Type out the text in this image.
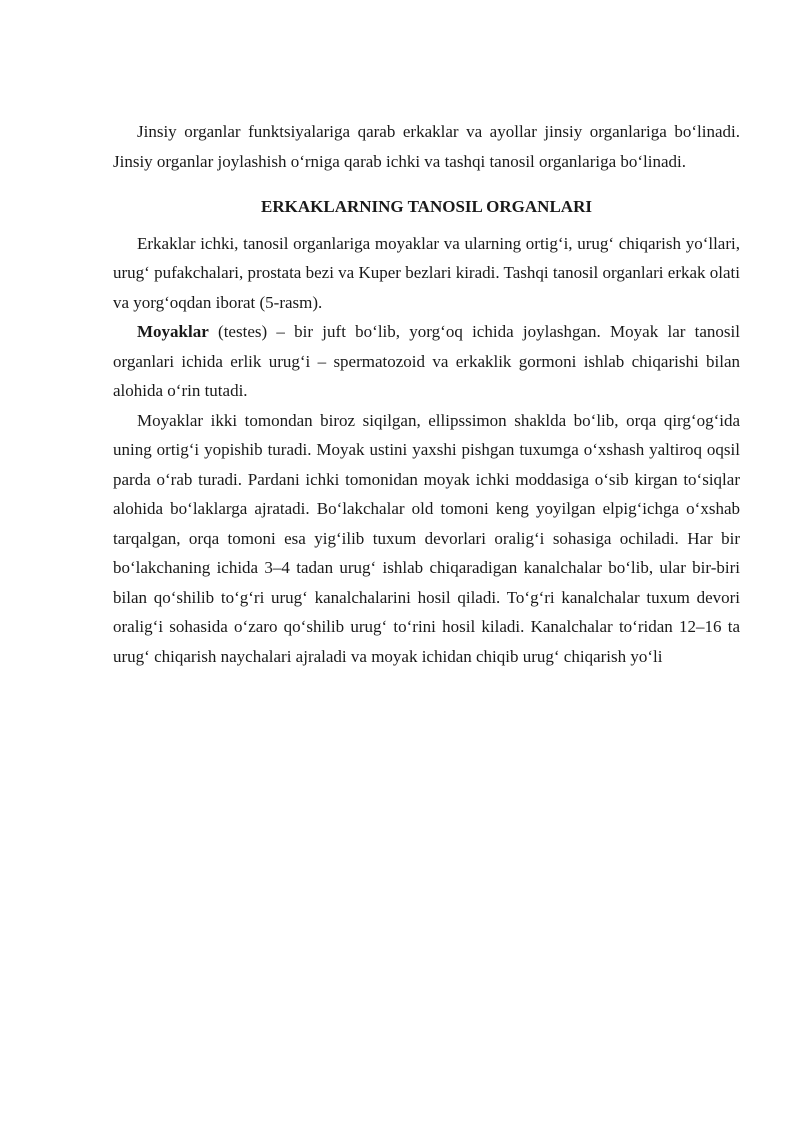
Jinsiy organlar funktsiyalariga qarab erkaklar va ayollar jinsiy organlariga bo‘linadi. Jinsiy organlar joylashish o‘rniga qarab ichki va tashqi tanosil organlariga bo‘linadi.

ERKAKLARNING TANOSIL ORGANLARI

Erkaklar ichki, tanosil organlariga moyaklar va ularning ortig‘i, urug‘ chiqarish yo‘llari, urug‘ pufakchalari, prostata bezi va Kuper bezlari kiradi. Tashqi tanosil organlari erkak olati va yorg‘oqdan iborat (5-rasm).

Moyaklar (testes) – bir juft bo‘lib, yorg‘oq ichida joylashgan. Moyak lar tanosil organlari ichida erlik urug‘i – spermatozoid va erkaklik gormoni ishlab chiqarishi bilan alohida o‘rin tutadi.

Moyaklar ikki tomondan biroz siqilgan, ellipssimon shaklda bo‘lib, orqa qirg‘og‘ida uning ortig‘i yopishib turadi. Moyak ustini yaxshi pishgan tuxumga o‘xshash yaltiroq oqsil parda o‘rab turadi. Pardani ichki tomonidan moyak ichki moddasiga o‘sib kirgan to‘siqlar alohida bo‘laklarga ajratadi. Bo‘lakchalar old tomoni keng yoyilgan elpig‘ichga o‘xshab tarqalgan, orqa tomoni esa yig‘ilib tuxum devorlari oralig‘i sohasiga ochiladi. Har bir bo‘lakchaning ichida 3–4 tadan urug‘ ishlab chiqaradigan kanalchalar bo‘lib, ular bir-biri bilan qo‘shilib to‘g‘ri urug‘ kanalchalarini hosil qiladi. To‘g‘ri kanalchalar tuxum devori oralig‘i sohasida o‘zaro qo‘shilib urug‘ to‘rini hosil kiladi. Kanalchalar to‘ridan 12–16 ta urug‘ chiqarish naychalari ajraladi va moyak ichidan chiqib urug‘ chiqarish yo‘li
